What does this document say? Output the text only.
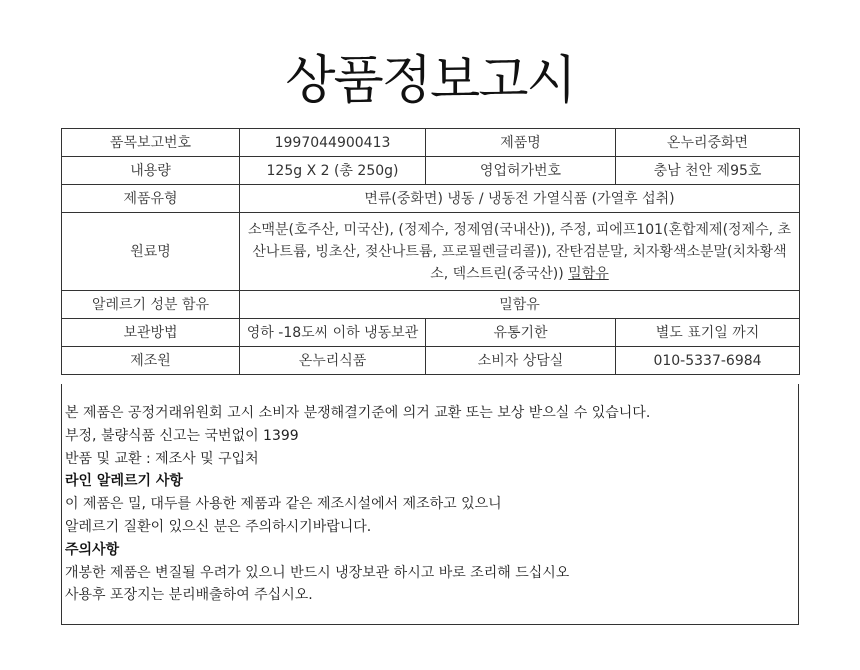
상품정보고시
품목보고번호	1997044900413	제품명	온누리중화면
내용량	125g X 2 (총 250g)	영업허가번호	충남 천안 제95호
제품유형	면류(중화면) 냉동 / 냉동전 가열식품 (가열후 섭취)		
원료명	소맥분(호주산, 미국산), (정제수, 정제염(국내산)), 주정, 피에프101(혼합제제(정제수, 초산나트륨, 빙초산, 젖산나트륨, 프로필렌글리콜)), 잔탄검분말, 치자황색소분말(치차황색소, 덱스트린(중국산)) 밀함유		
알레르기 성분 함유	밀함유		
보관방법	영하 -18도씨 이하 냉동보관	유통기한	별도 표기일 까지
제조원	온누리식품	소비자 상담실	010-5337-6984

본 제품은 공정거래위원회 고시 소비자 분쟁해결기준에 의거 교환 또는 보상 받으실 수 있습니다.

부정, 불량식품 신고는 국번없이 1399

반품 및 교환 : 제조사 및 구입처

라인 알레르기 사항

이 제품은 밀, 대두를 사용한 제품과 같은 제조시설에서 제조하고 있으니

알레르기 질환이 있으신 분은 주의하시기바랍니다.

주의사항

개봉한 제품은 변질될 우려가 있으니 반드시 냉장보관 하시고 바로 조리해 드십시오

사용후 포장지는 분리배출하여 주십시오.
